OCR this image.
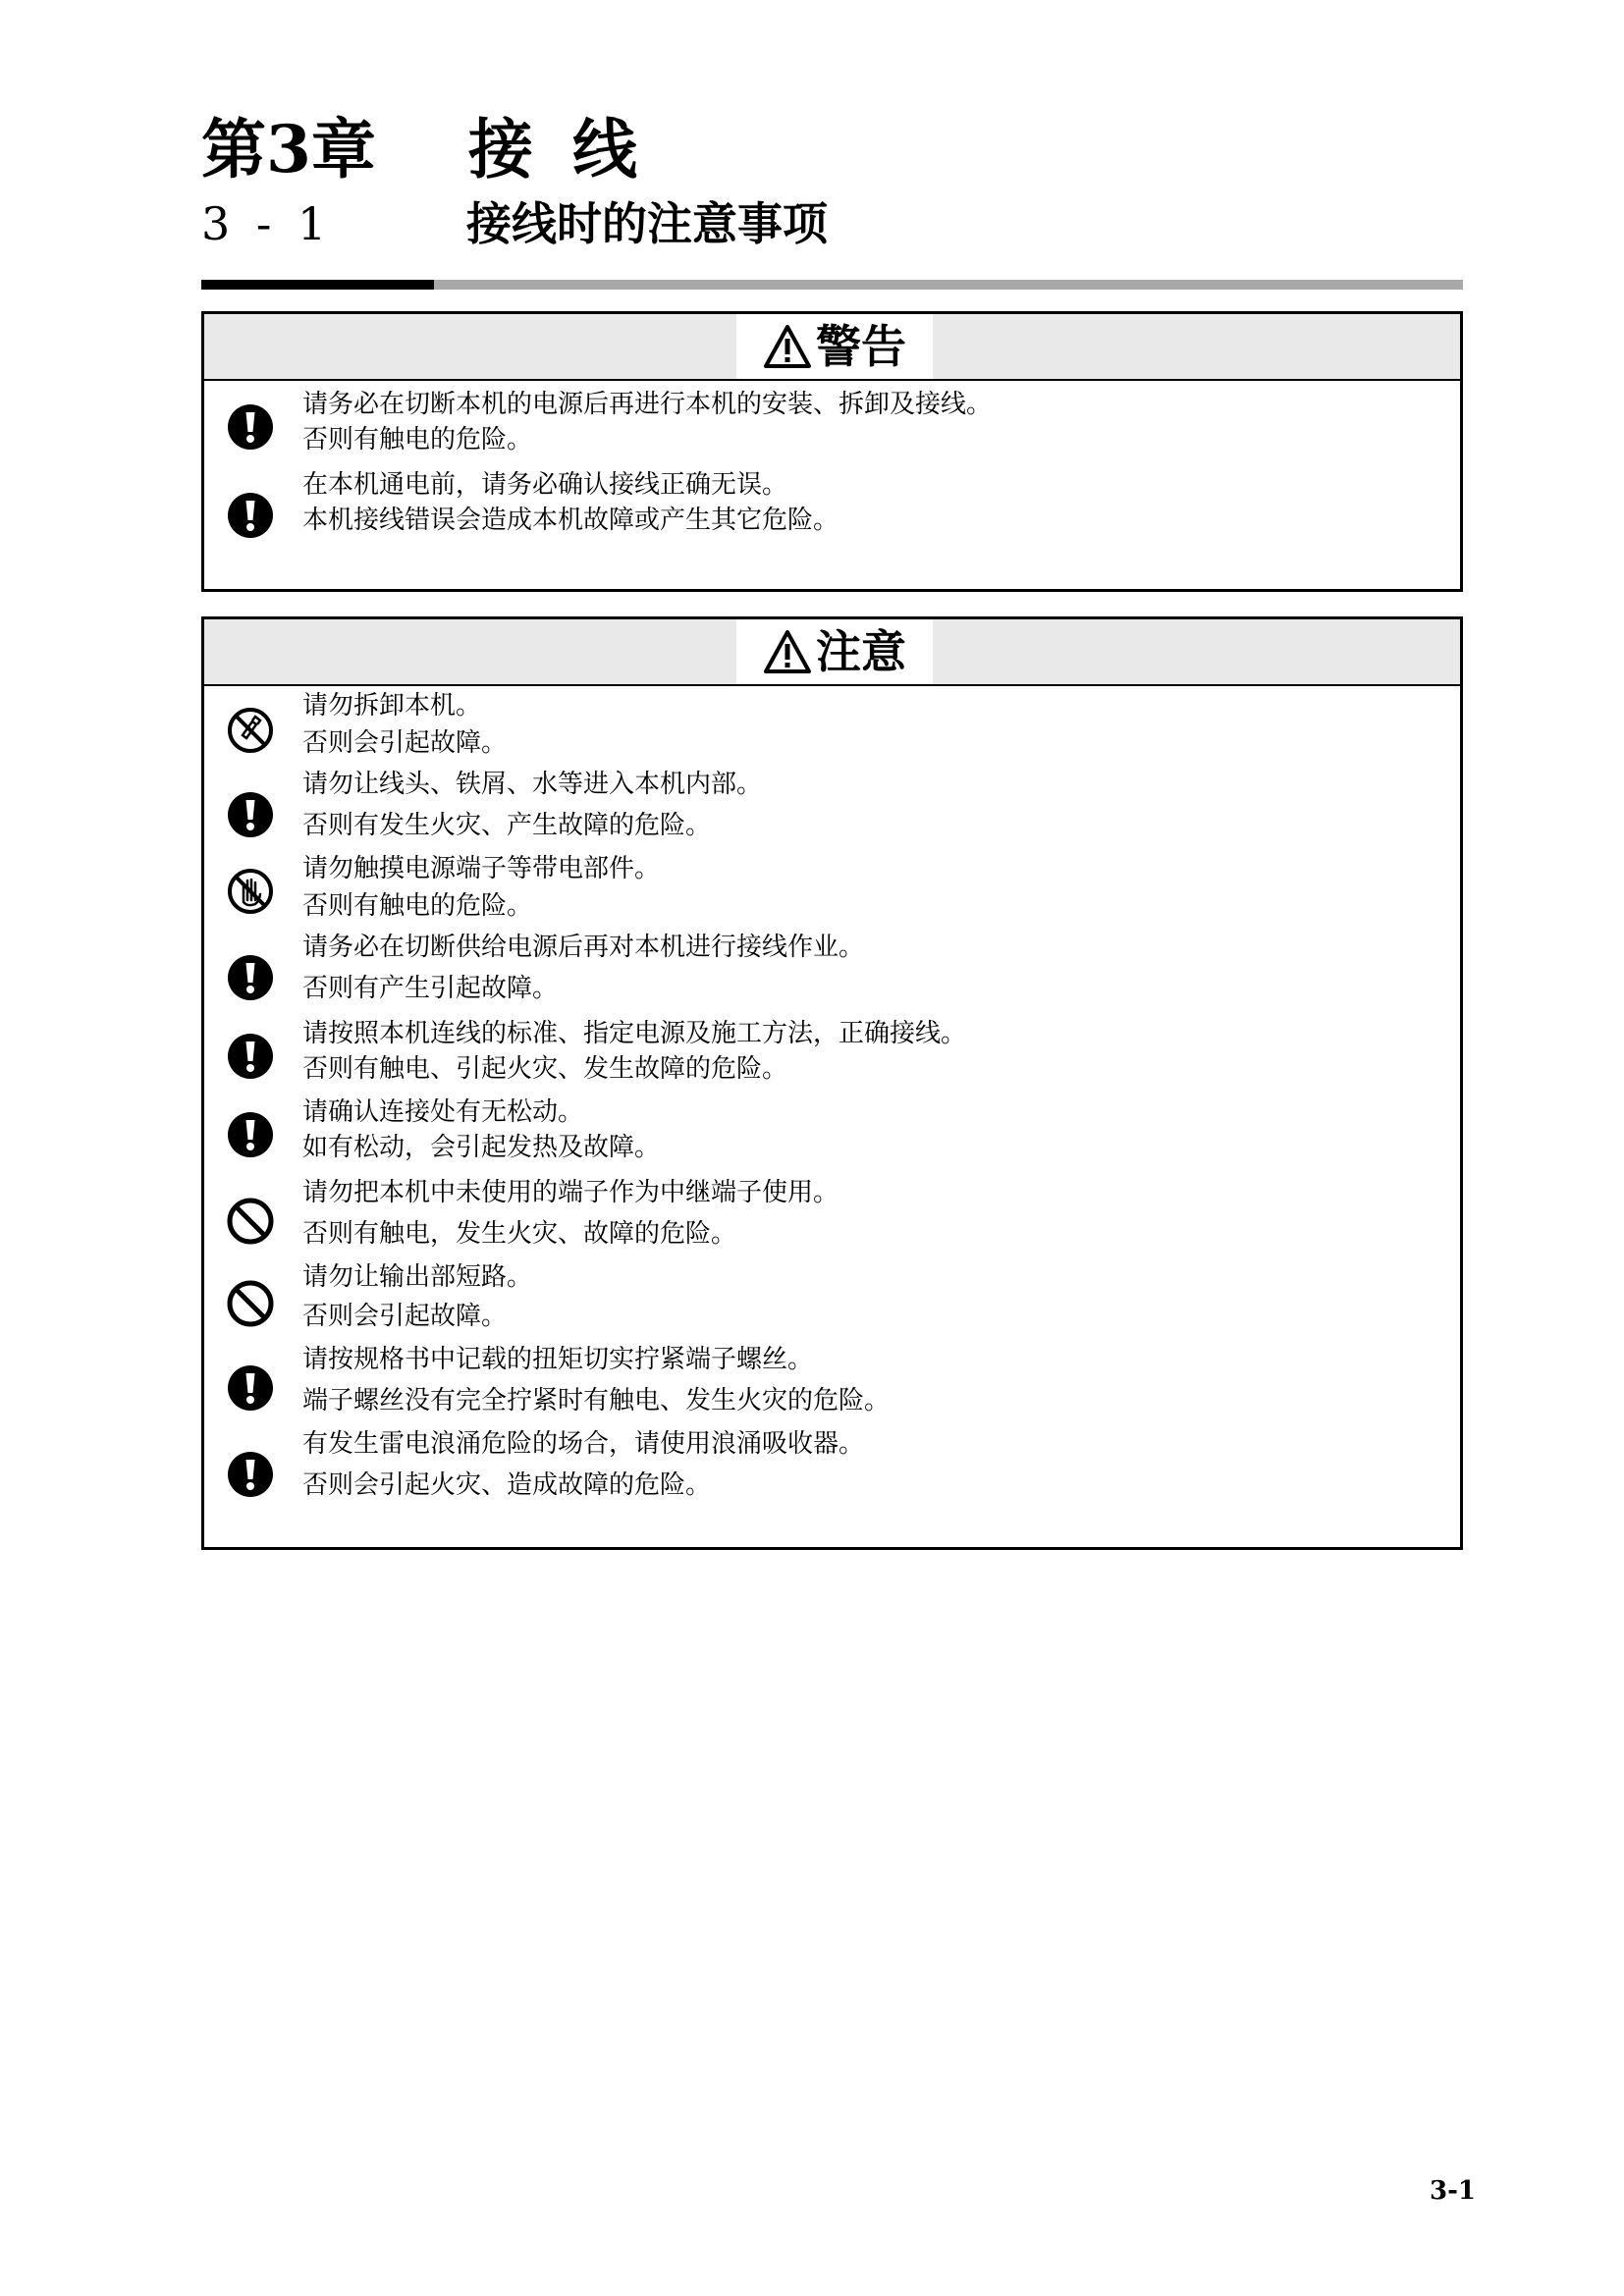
第3章 接线
3 - 1	接线时的注意事项
警告
请务必在切断本机的电源后再进行本机的安装、拆卸及接线。
否则有触电的危险。
在本机通电前，请务必确认接线正确无误。
本机接线错误会造成本机故障或产生其它危险。
注意
请勿拆卸本机。
否则会引起故障。
请勿让线头、铁屑、水等进入本机内部。
否则有发生火灾、产生故障的危险。
请勿触摸电源端子等带电部件。
否则有触电的危险。
请务必在切断供给电源后再对本机进行接线作业。
否则有产生引起故障。
请按照本机连线的标准、指定电源及施工方法，正确接线。
否则有触电、引起火灾、发生故障的危险。
请确认连接处有无松动。
如有松动，会引起发热及故障。
请勿把本机中未使用的端子作为中继端子使用。
否则有触电，发生火灾、故障的危险。
请勿让输出部短路。
否则会引起故障。
请按规格书中记载的扭矩切实拧紧端子螺丝。
端子螺丝没有完全拧紧时有触电、发生火灾的危险。
有发生雷电浪涌危险的场合，请使用浪涌吸收器。
否则会引起火灾、造成故障的危险。

3-1
